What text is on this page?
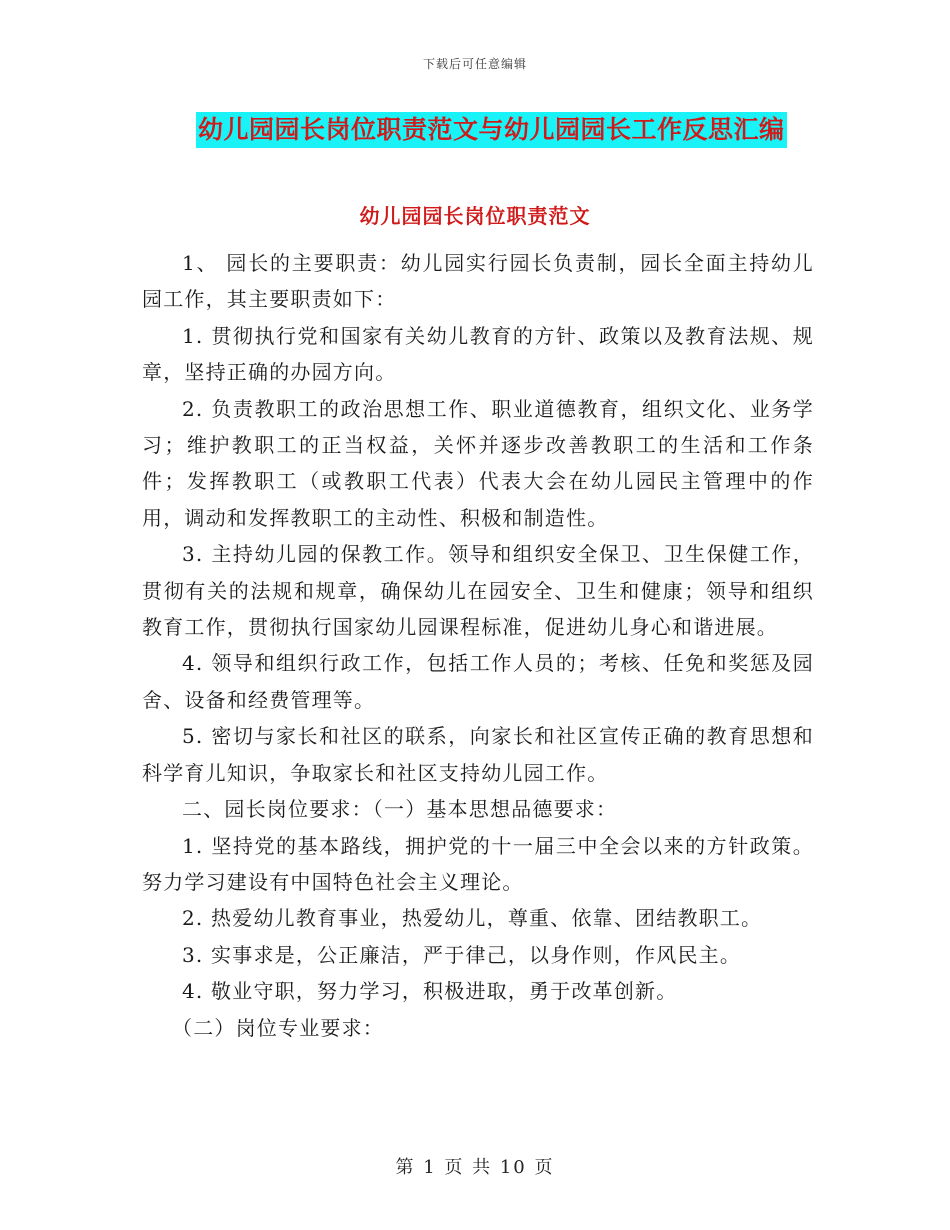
下载后可任意编辑
幼儿园园长岗位职责范文与幼儿园园长工作反思汇编
幼儿园园长岗位职责范文

1、 园长的主要职责：幼儿园实行园长负责制，园长全面主持幼儿园工作，其主要职责如下：

1. 贯彻执行党和国家有关幼儿教育的方针、政策以及教育法规、规章，坚持正确的办园方向。

2. 负责教职工的政治思想工作、职业道德教育，组织文化、业务学习；维护教职工的正当权益，关怀并逐步改善教职工的生活和工作条件；发挥教职工（或教职工代表）代表大会在幼儿园民主管理中的作用，调动和发挥教职工的主动性、积极和制造性。

3. 主持幼儿园的保教工作。领导和组织安全保卫、卫生保健工作，贯彻有关的法规和规章，确保幼儿在园安全、卫生和健康；领导和组织教育工作，贯彻执行国家幼儿园课程标准，促进幼儿身心和谐进展。

4. 领导和组织行政工作，包括工作人员的；考核、任免和奖惩及园舍、设备和经费管理等。

5. 密切与家长和社区的联系，向家长和社区宣传正确的教育思想和科学育儿知识，争取家长和社区支持幼儿园工作。

二、园长岗位要求：（一）基本思想品德要求：

1. 坚持党的基本路线，拥护党的十一届三中全会以来的方针政策。努力学习建设有中国特色社会主义理论。

2. 热爱幼儿教育事业，热爱幼儿，尊重、依靠、团结教职工。

3. 实事求是，公正廉洁，严于律己，以身作则，作风民主。

4. 敬业守职，努力学习，积极进取，勇于改革创新。

（二）岗位专业要求：

第 1 页 共 10 页
